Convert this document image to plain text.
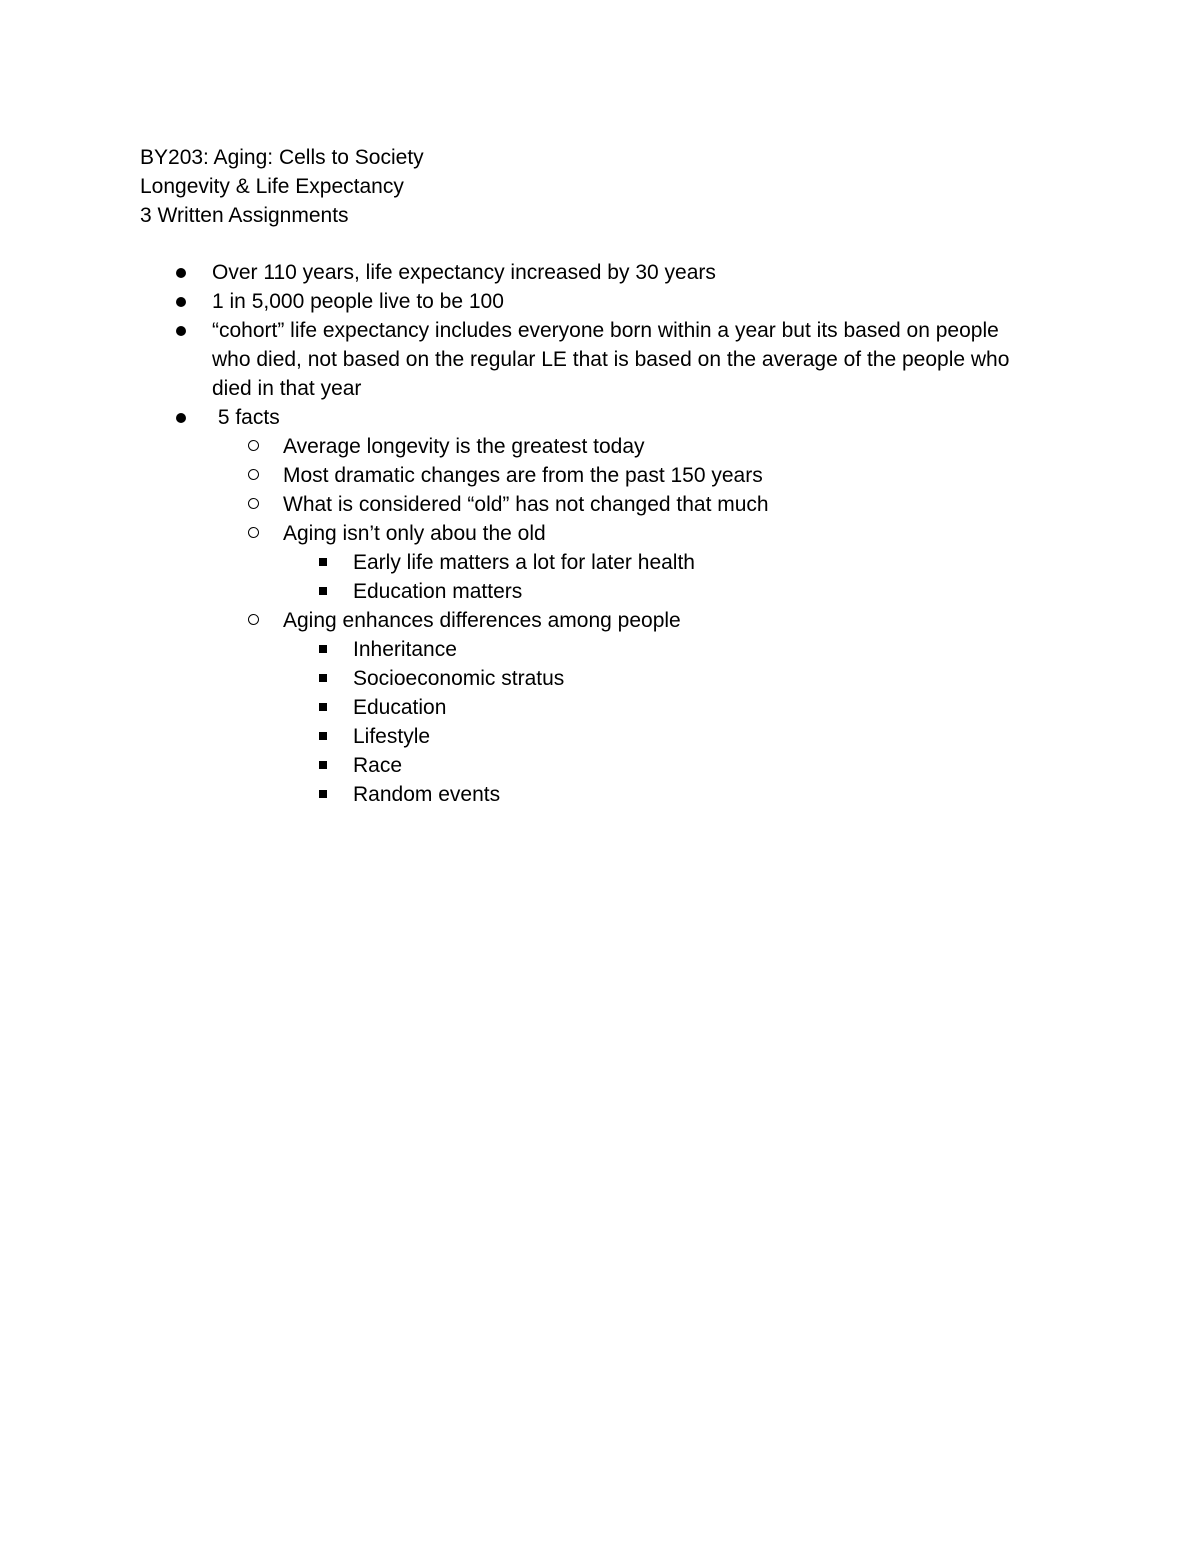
BY203: Aging: Cells to Society
Longevity & Life Expectancy
3 Written Assignments
Over 110 years, life expectancy increased by 30 years
1 in 5,000 people live to be 100
“cohort” life expectancy includes everyone born within a year but its based on people who died, not based on the regular LE that is based on the average of the people who died in that year
5 facts
Average longevity is the greatest today
Most dramatic changes are from the past 150 years
What is considered “old” has not changed that much
Aging isn’t only abou the old
Early life matters a lot for later health
Education matters
Aging enhances differences among people
Inheritance
Socioeconomic stratus
Education
Lifestyle
Race
Random events
